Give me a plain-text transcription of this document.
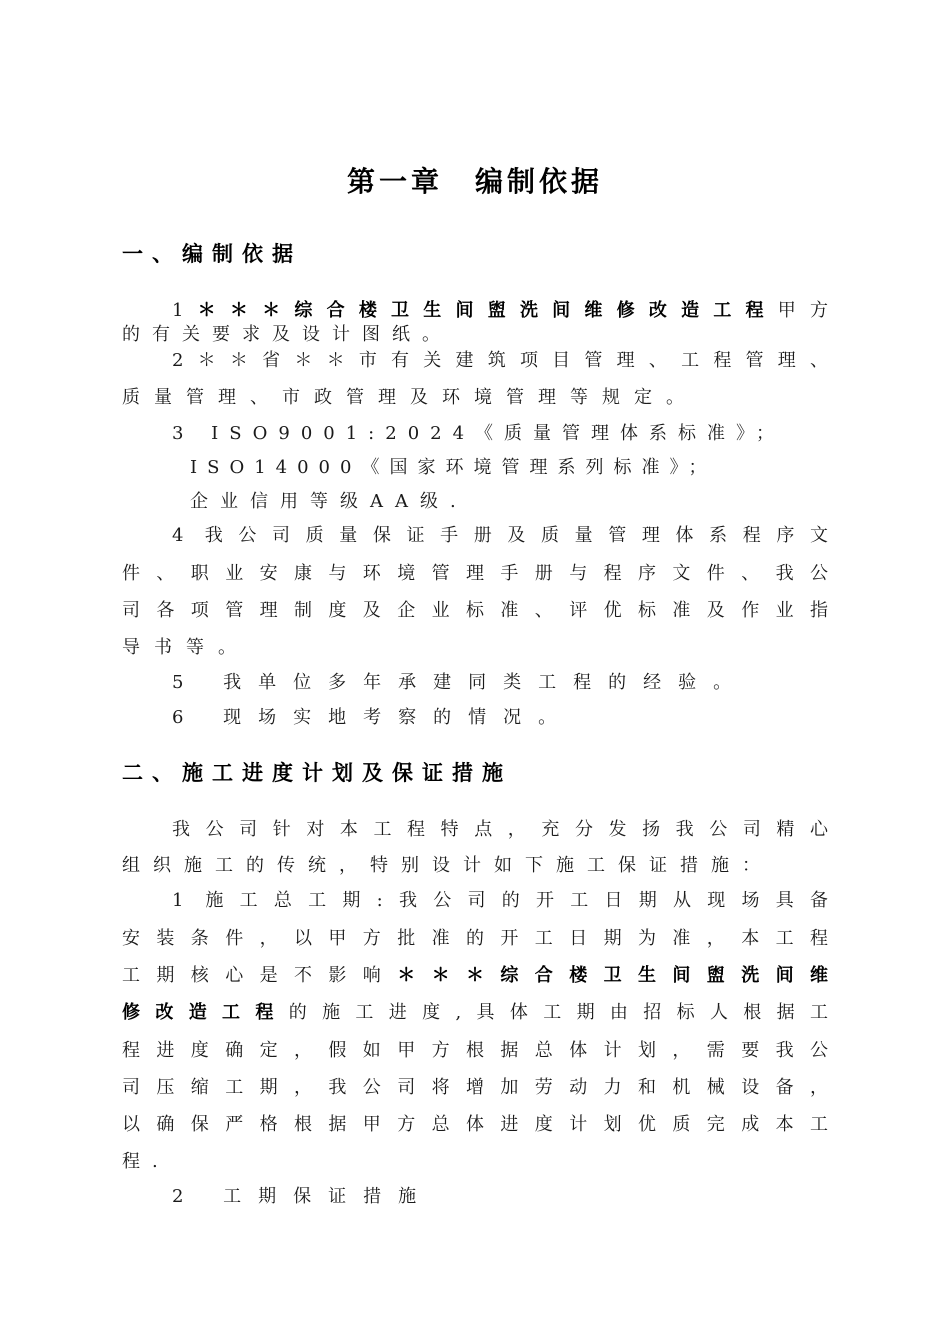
第一章　编制依据
一、编制依据
1＊＊＊综合楼卫生间盥洗间维修改造工程甲方
的有关要求及设计图纸。
2＊＊省＊＊市有关建筑项目管理、工程管理、
质量管理、市政管理及环境管理等规定。
3 ISO9001:2024《质量管理体系标准》；
ISO14000《国家环境管理系列标准》；
企业信用等级AA级.
4 我公司质量保证手册及质量管理体系程序文
件、职业安康与环境管理手册与程序文件、我公
司各项管理制度及企业标准、评优标准及作业指
导书等。
5 我单位多年承建同类工程的经验。
6 现场实地考察的情况。
二、施工进度计划及保证措施
我公司针对本工程特点，充分发扬我公司精心
组织施工的传统，特别设计如下施工保证措施：
1 施工总工期:我公司的开工日期从现场具备
安装条件，以甲方批准的开工日期为准，本工程
工期核心是不影响＊＊＊综合楼卫生间盥洗间维
修改造工程的施工进度,具体工期由招标人根据工
程进度确定，假如甲方根据总体计划，需要我公
司压缩工期，我公司将增加劳动力和机械设备，
以确保严格根据甲方总体进度计划优质完成本工
程.
2 工期保证措施
